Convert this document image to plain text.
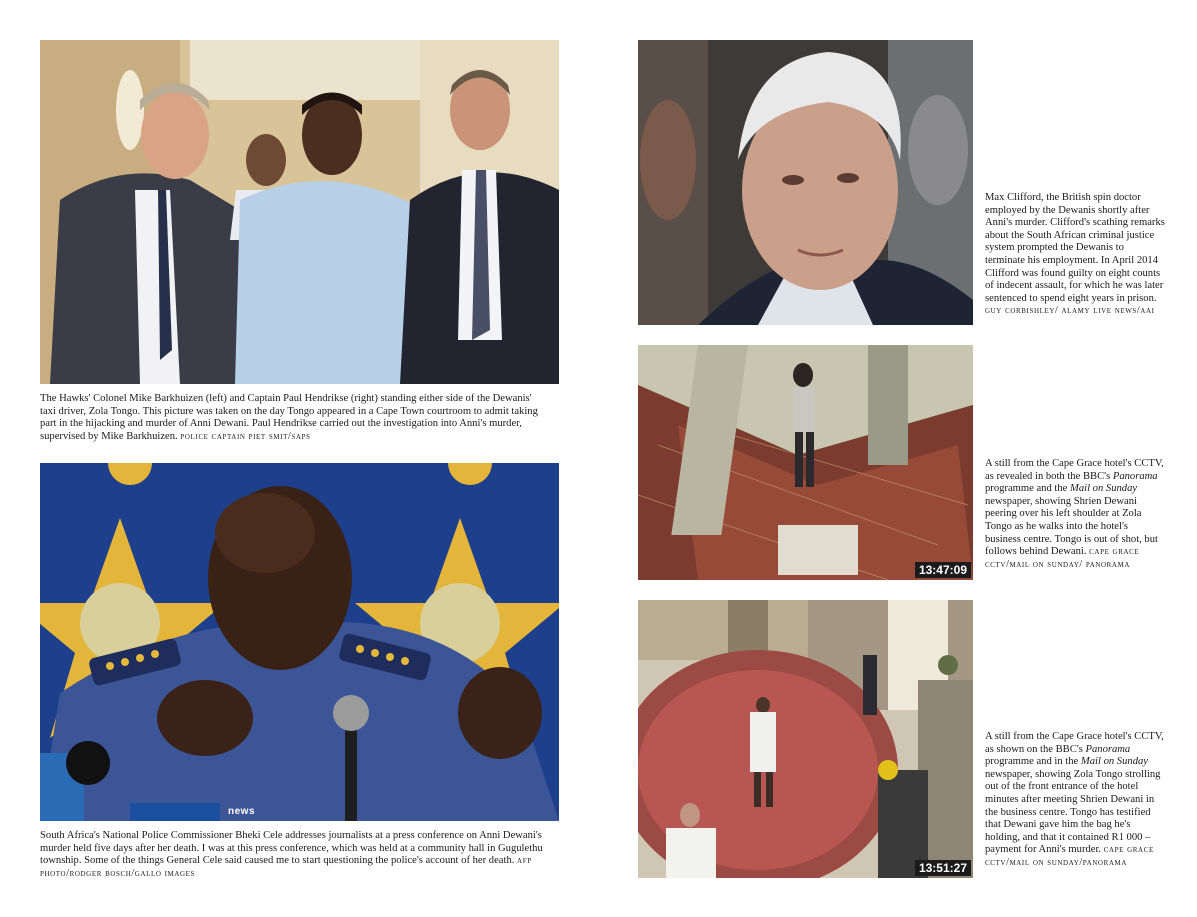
The Hawks' Colonel Mike Barkhuizen (left) and Captain Paul Hendrikse (right) standing either side of the Dewanis' taxi driver, Zola Tongo. This picture was taken on the day Tongo appeared in a Cape Town courtroom to admit taking part in the hijacking and murder of Anni Dewani. Paul Hendrikse carried out the investigation into Anni's murder, supervised by Mike Barkhuizen. police captain piet smit/saps

news

South Africa's National Police Commissioner Bheki Cele addresses journalists at a press conference on Anni Dewani's murder held five days after her death. I was at this press conference, which was held at a community hall in Gugulethu township. Some of the things General Cele said caused me to start questioning the police's account of her death. afp photo/rodger bosch/gallo images

Max Clifford, the British spin doctor employed by the Dewanis shortly after Anni's murder. Clifford's scathing remarks about the South African criminal justice system prompted the Dewanis to terminate his employment. In April 2014 Clifford was found guilty on eight counts of indecent assault, for which he was later sentenced to spend eight years in prison. guy corbishley/ alamy live news/aai

13:47:09

A still from the Cape Grace hotel's CCTV, as revealed in both the BBC's Panorama programme and the Mail on Sunday newspaper, showing Shrien Dewani peering over his left shoulder at Zola Tongo as he walks into the hotel's business centre. Tongo is out of shot, but follows behind Dewani. cape grace cctv/mail on sunday/ panorama

13:51:27

A still from the Cape Grace hotel's CCTV, as shown on the BBC's Panorama programme and in the Mail on Sunday newspaper, showing Zola Tongo strolling out of the front entrance of the hotel minutes after meeting Shrien Dewani in the business centre. Tongo has testified that Dewani gave him the bag he's holding, and that it contained R1 000 – payment for Anni's murder. cape grace cctv/mail on sunday/panorama
